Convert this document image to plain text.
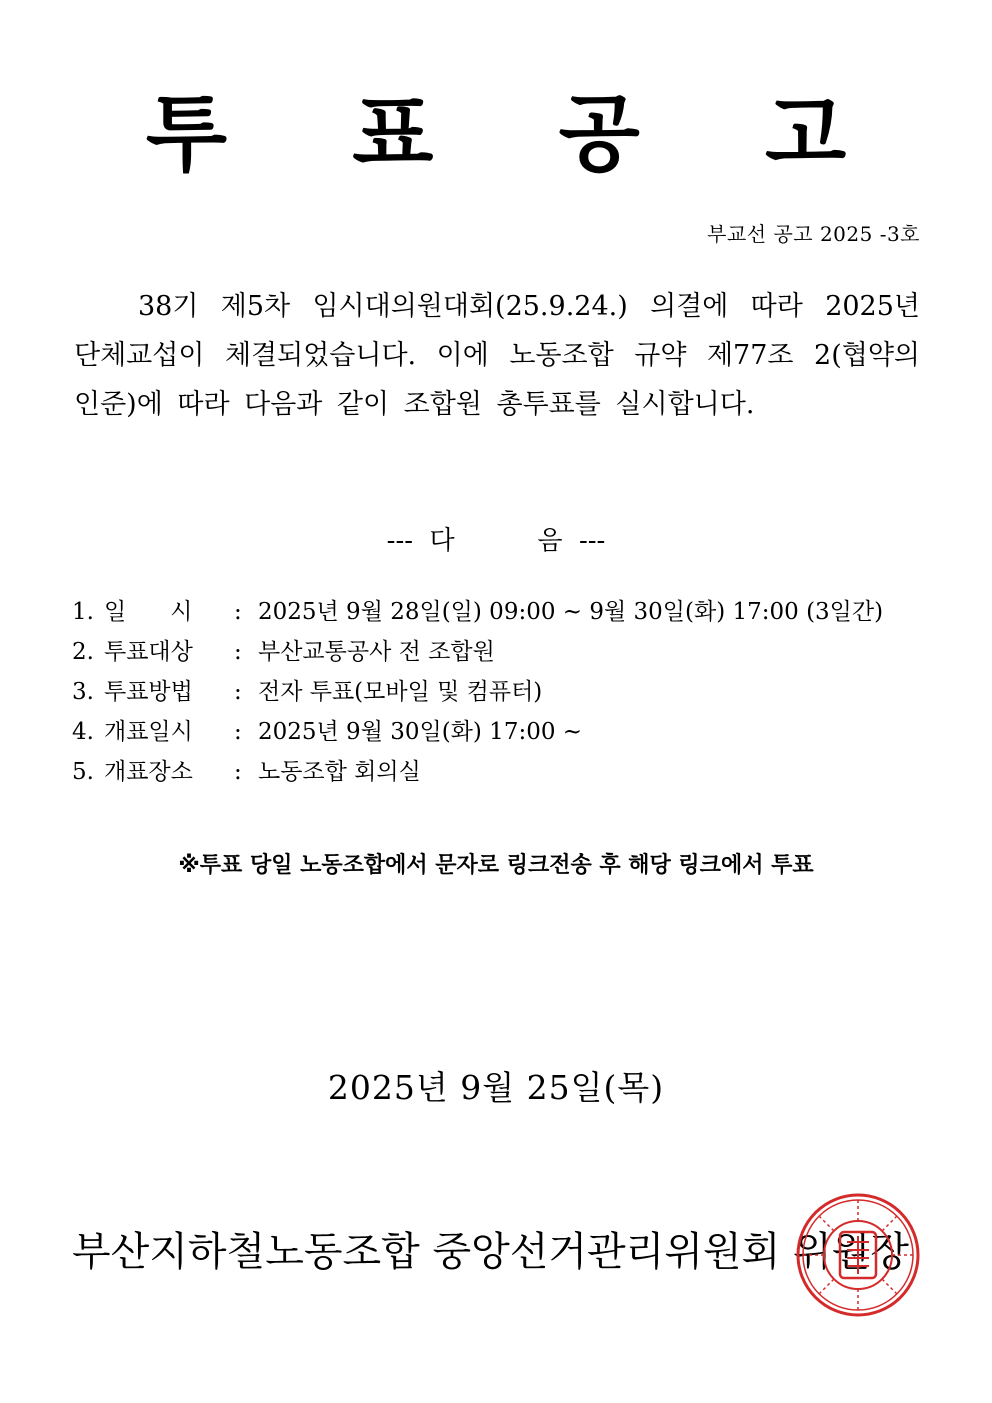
투 표 공 고
부교선 공고 2025 -3호

38기 제5차 임시대의원대회(25.9.24.) 의결에 따라 2025년 단체교섭이 체결되었습니다. 이에 노동조합 규약 제77조 2(협약의 인준)에 따라 다음과 같이 조합원 총투표를 실시합니다.

---  다          음  ---
1. 일      시	: 2025년 9월 28일(일) 09:00 ~ 9월 30일(화) 17:00 (3일간)
2. 투표대상	: 부산교통공사 전 조합원
3. 투표방법	: 전자 투표(모바일 및 컴퓨터)
4. 개표일시	: 2025년 9월 30일(화) 17:00 ~
5. 개표장소	: 노동조합 회의실
※투표 당일 노동조합에서 문자로 링크전송 후 해당 링크에서 투표
2025년 9월 25일(목)
부산지하철노동조합 중앙선거관리위원회 위원장
